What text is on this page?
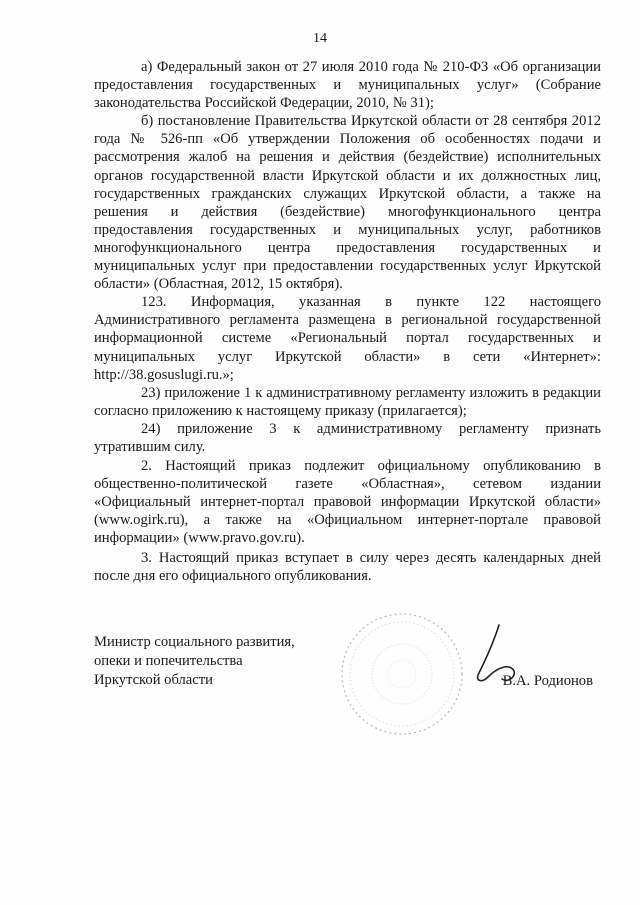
14

а) Федеральный закон от 27 июля 2010 года № 210-ФЗ «Об организации предоставления государственных и муниципальных услуг» (Собрание законодательства Российской Федерации, 2010, № 31);

б) постановление Правительства Иркутской области от 28 сентября 2012 года № 526-пп «Об утверждении Положения об особенностях подачи и рассмотрения жалоб на решения и действия (бездействие) исполнительных органов государственной власти Иркутской области и их должностных лиц, государственных гражданских служащих Иркутской области, а также на решения и действия (бездействие) многофункционального центра предоставления государственных и муниципальных услуг, работников многофункционального центра предоставления государственных и муниципальных услуг при предоставлении государственных услуг Иркутской области» (Областная, 2012, 15 октября).

123. Информация, указанная в пункте 122 настоящего Административного регламента размещена в региональной государственной информационной системе «Региональный портал государственных и муниципальных услуг Иркутской области» в сети «Интернет»: http://38.gosuslugi.ru.»;

23) приложение 1 к административному регламенту изложить в редакции согласно приложению к настоящему приказу (прилагается);

24) приложение 3 к административному регламенту признать утратившим силу.

2. Настоящий приказ подлежит официальному опубликованию в общественно-политической газете «Областная», сетевом издании «Официальный интернет-портал правовой информации Иркутской области» (www.ogirk.ru), а также на «Официальном интернет-портале правовой информации» (www.pravo.gov.ru).

3. Настоящий приказ вступает в силу через десять календарных дней после дня его официального опубликования.

Министр социального развития,
опеки и попечительства
Иркутской области	В.А. Родионов
